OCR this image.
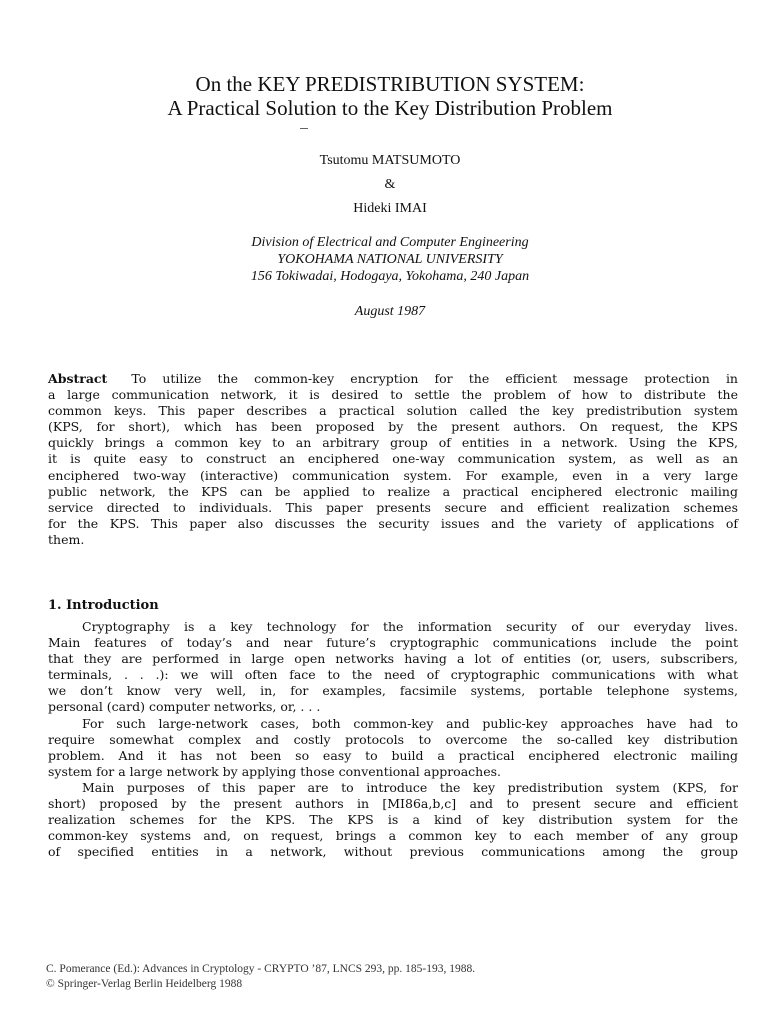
On the KEY PREDISTRIBUTION SYSTEM:
A Practical Solution to the Key Distribution Problem
Tsutomu MATSUMOTO
&
Hideki IMAI
Division of Electrical and Computer Engineering
YOKOHAMA NATIONAL UNIVERSITY
156 Tokiwadai, Hodogaya, Yokohama, 240 Japan
August 1987
Abstract To utilize the common-key encryption for the efficient message protection in
a large communication network, it is desired to settle the problem of how to distribute the
common keys. This paper describes a practical solution called the key predistribution system
(KPS, for short), which has been proposed by the present authors. On request, the KPS
quickly brings a common key to an arbitrary group of entities in a network. Using the KPS,
it is quite easy to construct an enciphered one-way communication system, as well as an
enciphered two-way (interactive) communication system. For example, even in a very large
public network, the KPS can be applied to realize a practical enciphered electronic mailing
service directed to individuals. This paper presents secure and efficient realization schemes
for the KPS. This paper also discusses the security issues and the variety of applications of
them.
1. Introduction
Cryptography is a key technology for the information security of our everyday lives.
Main features of today’s and near future’s cryptographic communications include the point
that they are performed in large open networks having a lot of entities (or, users, subscribers,
terminals, . . .): we will often face to the need of cryptographic communications with what
we don’t know very well, in, for examples, facsimile systems, portable telephone systems,
personal (card) computer networks, or, . . .
For such large-network cases, both common-key and public-key approaches have had to
require somewhat complex and costly protocols to overcome the so-called key distribution
problem. And it has not been so easy to build a practical enciphered electronic mailing
system for a large network by applying those conventional approaches.
Main purposes of this paper are to introduce the key predistribution system (KPS, for
short) proposed by the present authors in [MI86a,b,c] and to present secure and efficient
realization schemes for the KPS. The KPS is a kind of key distribution system for the
common-key systems and, on request, brings a common key to each member of any group
of specified entities in a network, without previous communications among the group
C. Pomerance (Ed.): Advances in Cryptology - CRYPTO ’87, LNCS 293, pp. 185-193, 1988.
© Springer-Verlag Berlin Heidelberg 1988
